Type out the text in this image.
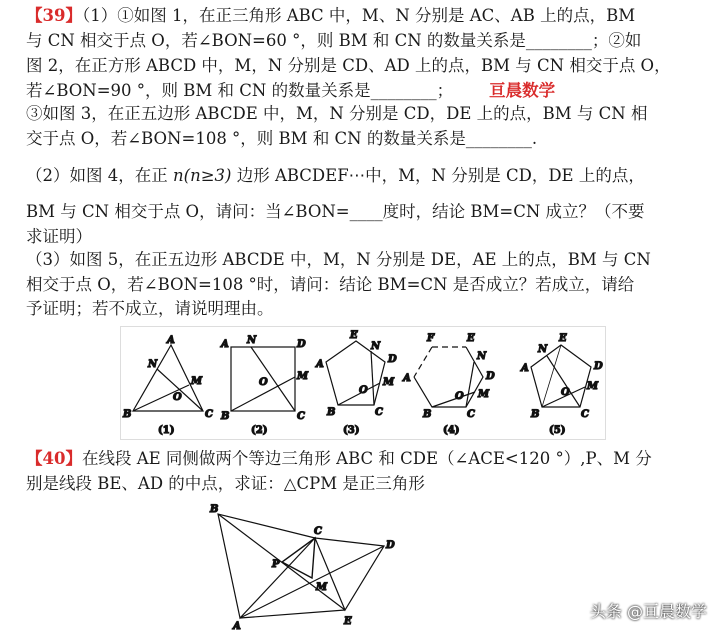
【39】（1）①如图 1，在正三角形 ABC 中，M、N 分别是 AC、AB 上的点，BM
与 CN 相交于点 O，若∠BON=60 °，则 BM 和 CN 的数量关系是________；②如
图 2，在正方形 ABCD 中，M，N 分别是 CD、AD 上的点，BM 与 CN 相交于点 O，
若∠BON=90 °，则 BM 和 CN 的数量关系是________； 亘晨数学
③如图 3，在正五边形 ABCDE 中，M，N 分别是 CD，DE 上的点，BM 与 CN 相
交于点 O，若∠BON=108 °，则 BM 和 CN 的数量关系是________.
（2）如图 4，在正 n(n≥3) 边形 ABCDEF⋯中，M，N 分别是 CD，DE 上的点，
BM 与 CN 相交于点 O，请问：当∠BON=____度时，结论 BM=CN 成立？（不要
求证明）
（3）如图 5，在正五边形 ABCDE 中，M，N 分别是 DE，AE 上的点，BM 与 CN
相交于点 O，若∠BON=108 °时，请问：结论 BM=CN 是否成立？若成立，请给
予证明；若不成立，请说明理由。
A
N
M
O
B	C
(1)
A	D
N
M
O
B	C
(2)
E
N
D
A
M
O
B	C
(3)
F	E
N
A	D
M
O
B	C
(4)
N
E
A	D
M
O
B	C
(5)
【40】在线段 AE 同侧做两个等边三角形 ABC 和 CDE（∠ACE<120 °）,P、M 分
别是线段 BE、AD 的中点，求证：△CPM 是正三角形
B
C
D
P
M
A	E
头条 @亘晨数学
